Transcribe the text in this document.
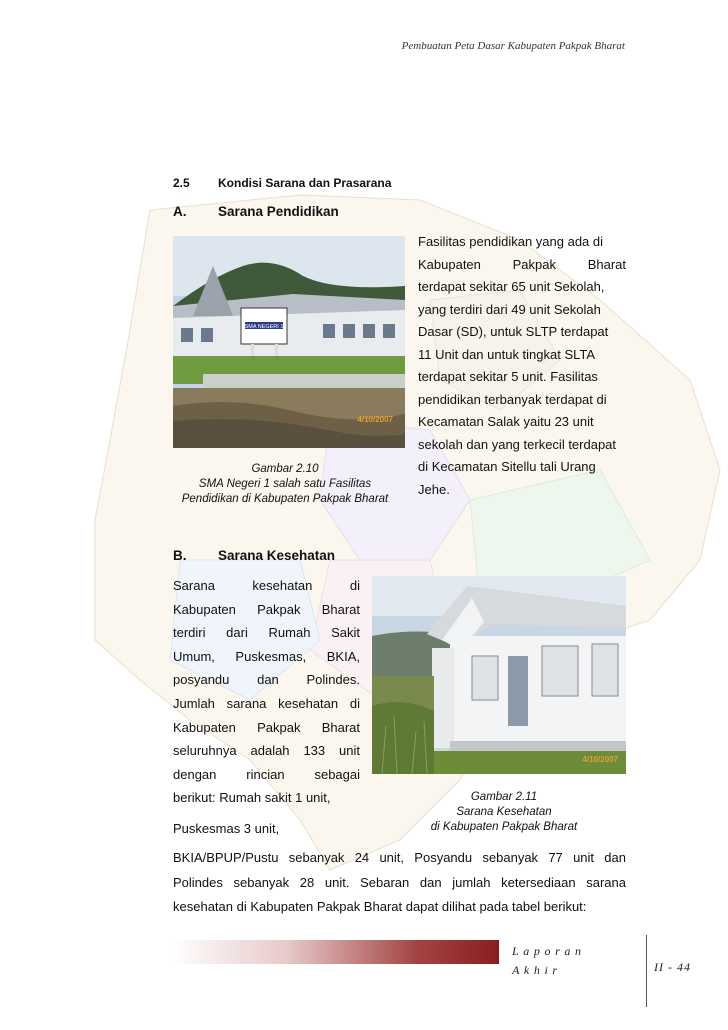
Pembuatan Peta Dasar Kabupaten Pakpak Bharat
2.5 Kondisi Sarana dan Prasarana
A. Sarana Pendidikan
SMA NEGERI 1
4/10/2007
Gambar 2.10
SMA Negeri 1 salah satu Fasilitas
Pendidikan di Kabupaten Pakpak Bharat
Fasilitas pendidikan yang ada di
Kabupaten Pakpak Bharat
terdapat sekitar 65 unit Sekolah,
yang terdiri dari 49 unit Sekolah
Dasar (SD), untuk SLTP terdapat
11 Unit dan untuk tingkat SLTA
terdapat sekitar 5 unit. Fasilitas
pendidikan terbanyak terdapat di
Kecamatan Salak yaitu 23 unit
sekolah dan yang terkecil terdapat
di Kecamatan Sitellu tali Urang
Jehe.
B. Sarana Kesehatan
Sarana kesehatan di
Kabupaten Pakpak Bharat
terdiri dari Rumah Sakit
Umum, Puskesmas, BKIA,
posyandu dan Polindes.
Jumlah sarana kesehatan di
Kabupaten Pakpak Bharat
seluruhnya adalah 133 unit
dengan rincian sebagai
berikut: Rumah sakit 1 unit,
Puskesmas 3 unit,
4/10/2007
Gambar 2.11
Sarana Kesehatan
di Kabupaten Pakpak Bharat
BKIA/BPUP/Pustu sebanyak 24 unit, Posyandu sebanyak 77 unit dan Polindes sebanyak 28 unit. Sebaran dan jumlah ketersediaan sarana kesehatan di Kabupaten Pakpak Bharat dapat dilihat pada tabel berikut:
Laporan Akhir	II - 44
